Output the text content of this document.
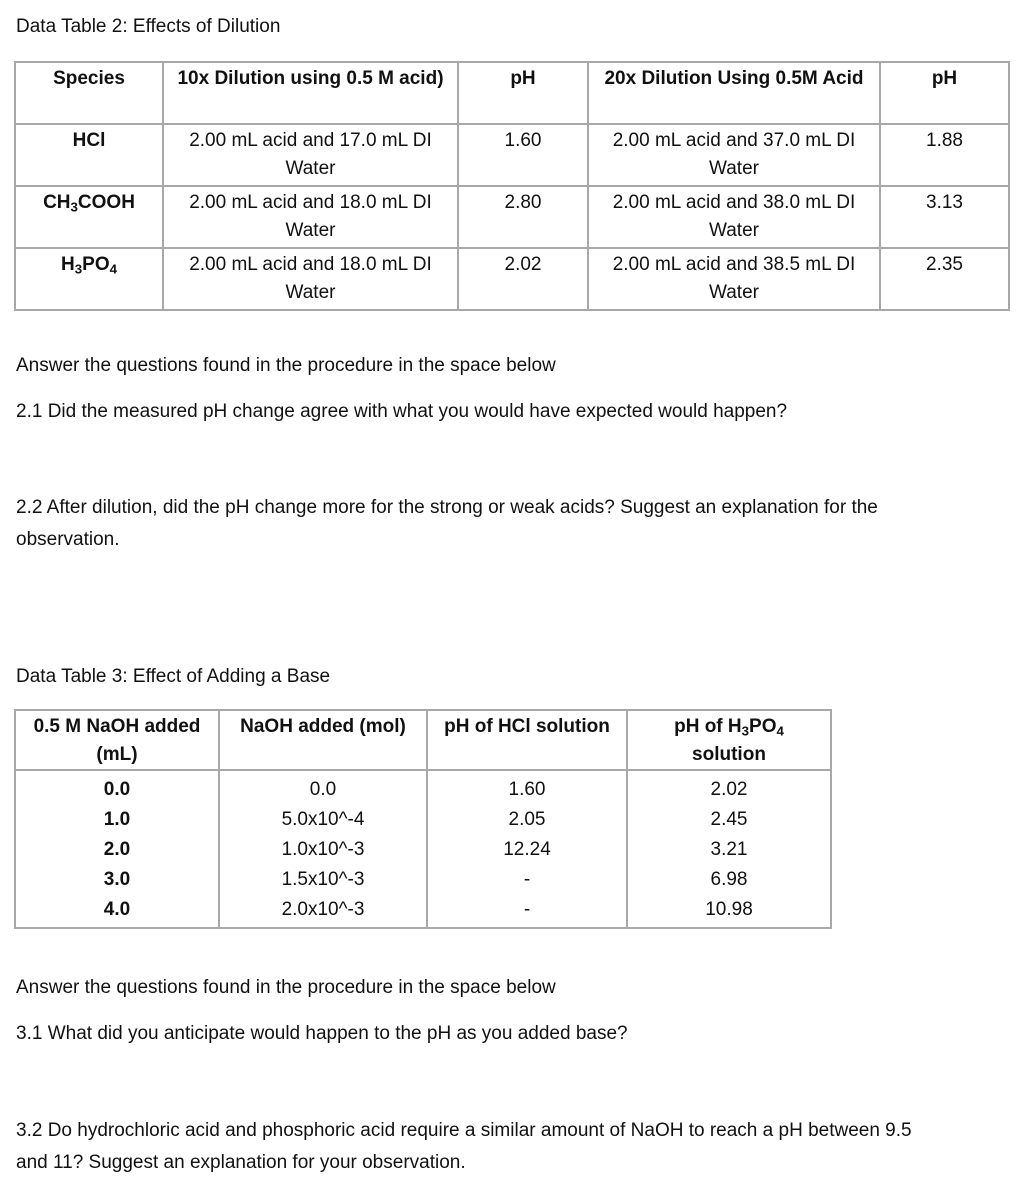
Data Table 2: Effects of Dilution
Species	10x Dilution using 0.5 M acid)	pH	20x Dilution Using 0.5M Acid	pH
HCl	2.00 mL acid and 17.0 mL DI Water	1.60	2.00 mL acid and 37.0 mL DI Water	1.88
$CH_3COOH$	2.00 mL acid and 18.0 mL DI Water	2.80	2.00 mL acid and 38.0 mL DI Water	3.13
$H_3PO_4$	2.00 mL acid and 18.0 mL DI Water	2.02	2.00 mL acid and 38.5 mL DI Water	2.35
Answer the questions found in the procedure in the space below
2.1 Did the measured pH change agree with what you would have expected would happen?
2.2 After dilution, did the pH change more for the strong or weak acids? Suggest an explanation for the observation.
Data Table 3: Effect of Adding a Base
0.5 M NaOH added (mL)	NaOH added (mol)	pH of HCl solution	pH of $H_3PO_4$
solution
0.0	0.0	1.60	2.02
1.0	5.0x10^-4	2.05	2.45
2.0	1.0x10^-3	12.24	3.21
3.0	1.5x10^-3	-	6.98
4.0	2.0x10^-3	-	10.98
Answer the questions found in the procedure in the space below
3.1 What did you anticipate would happen to the pH as you added base?
3.2 Do hydrochloric acid and phosphoric acid require a similar amount of NaOH to reach a pH between 9.5 and 11? Suggest an explanation for your observation.
